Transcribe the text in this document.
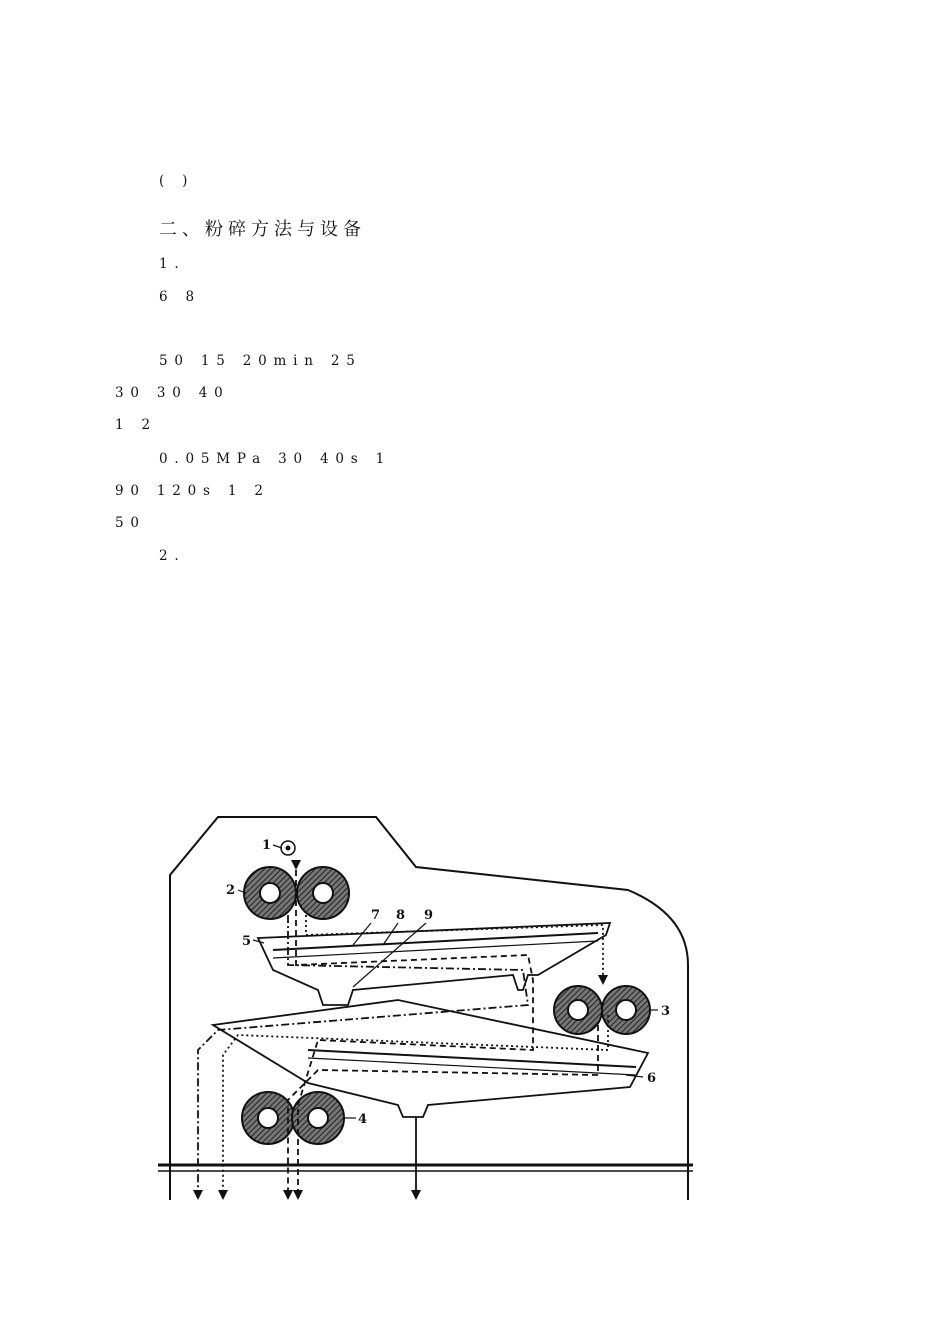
( )
二、粉碎方法与设备
1.
6 8
50 15 20min 25
30 30 40
1 2
0.05MPa 30 40s 1
90 120s 1 2
50
2.
1
2
3
4
5
6
7 8 9
